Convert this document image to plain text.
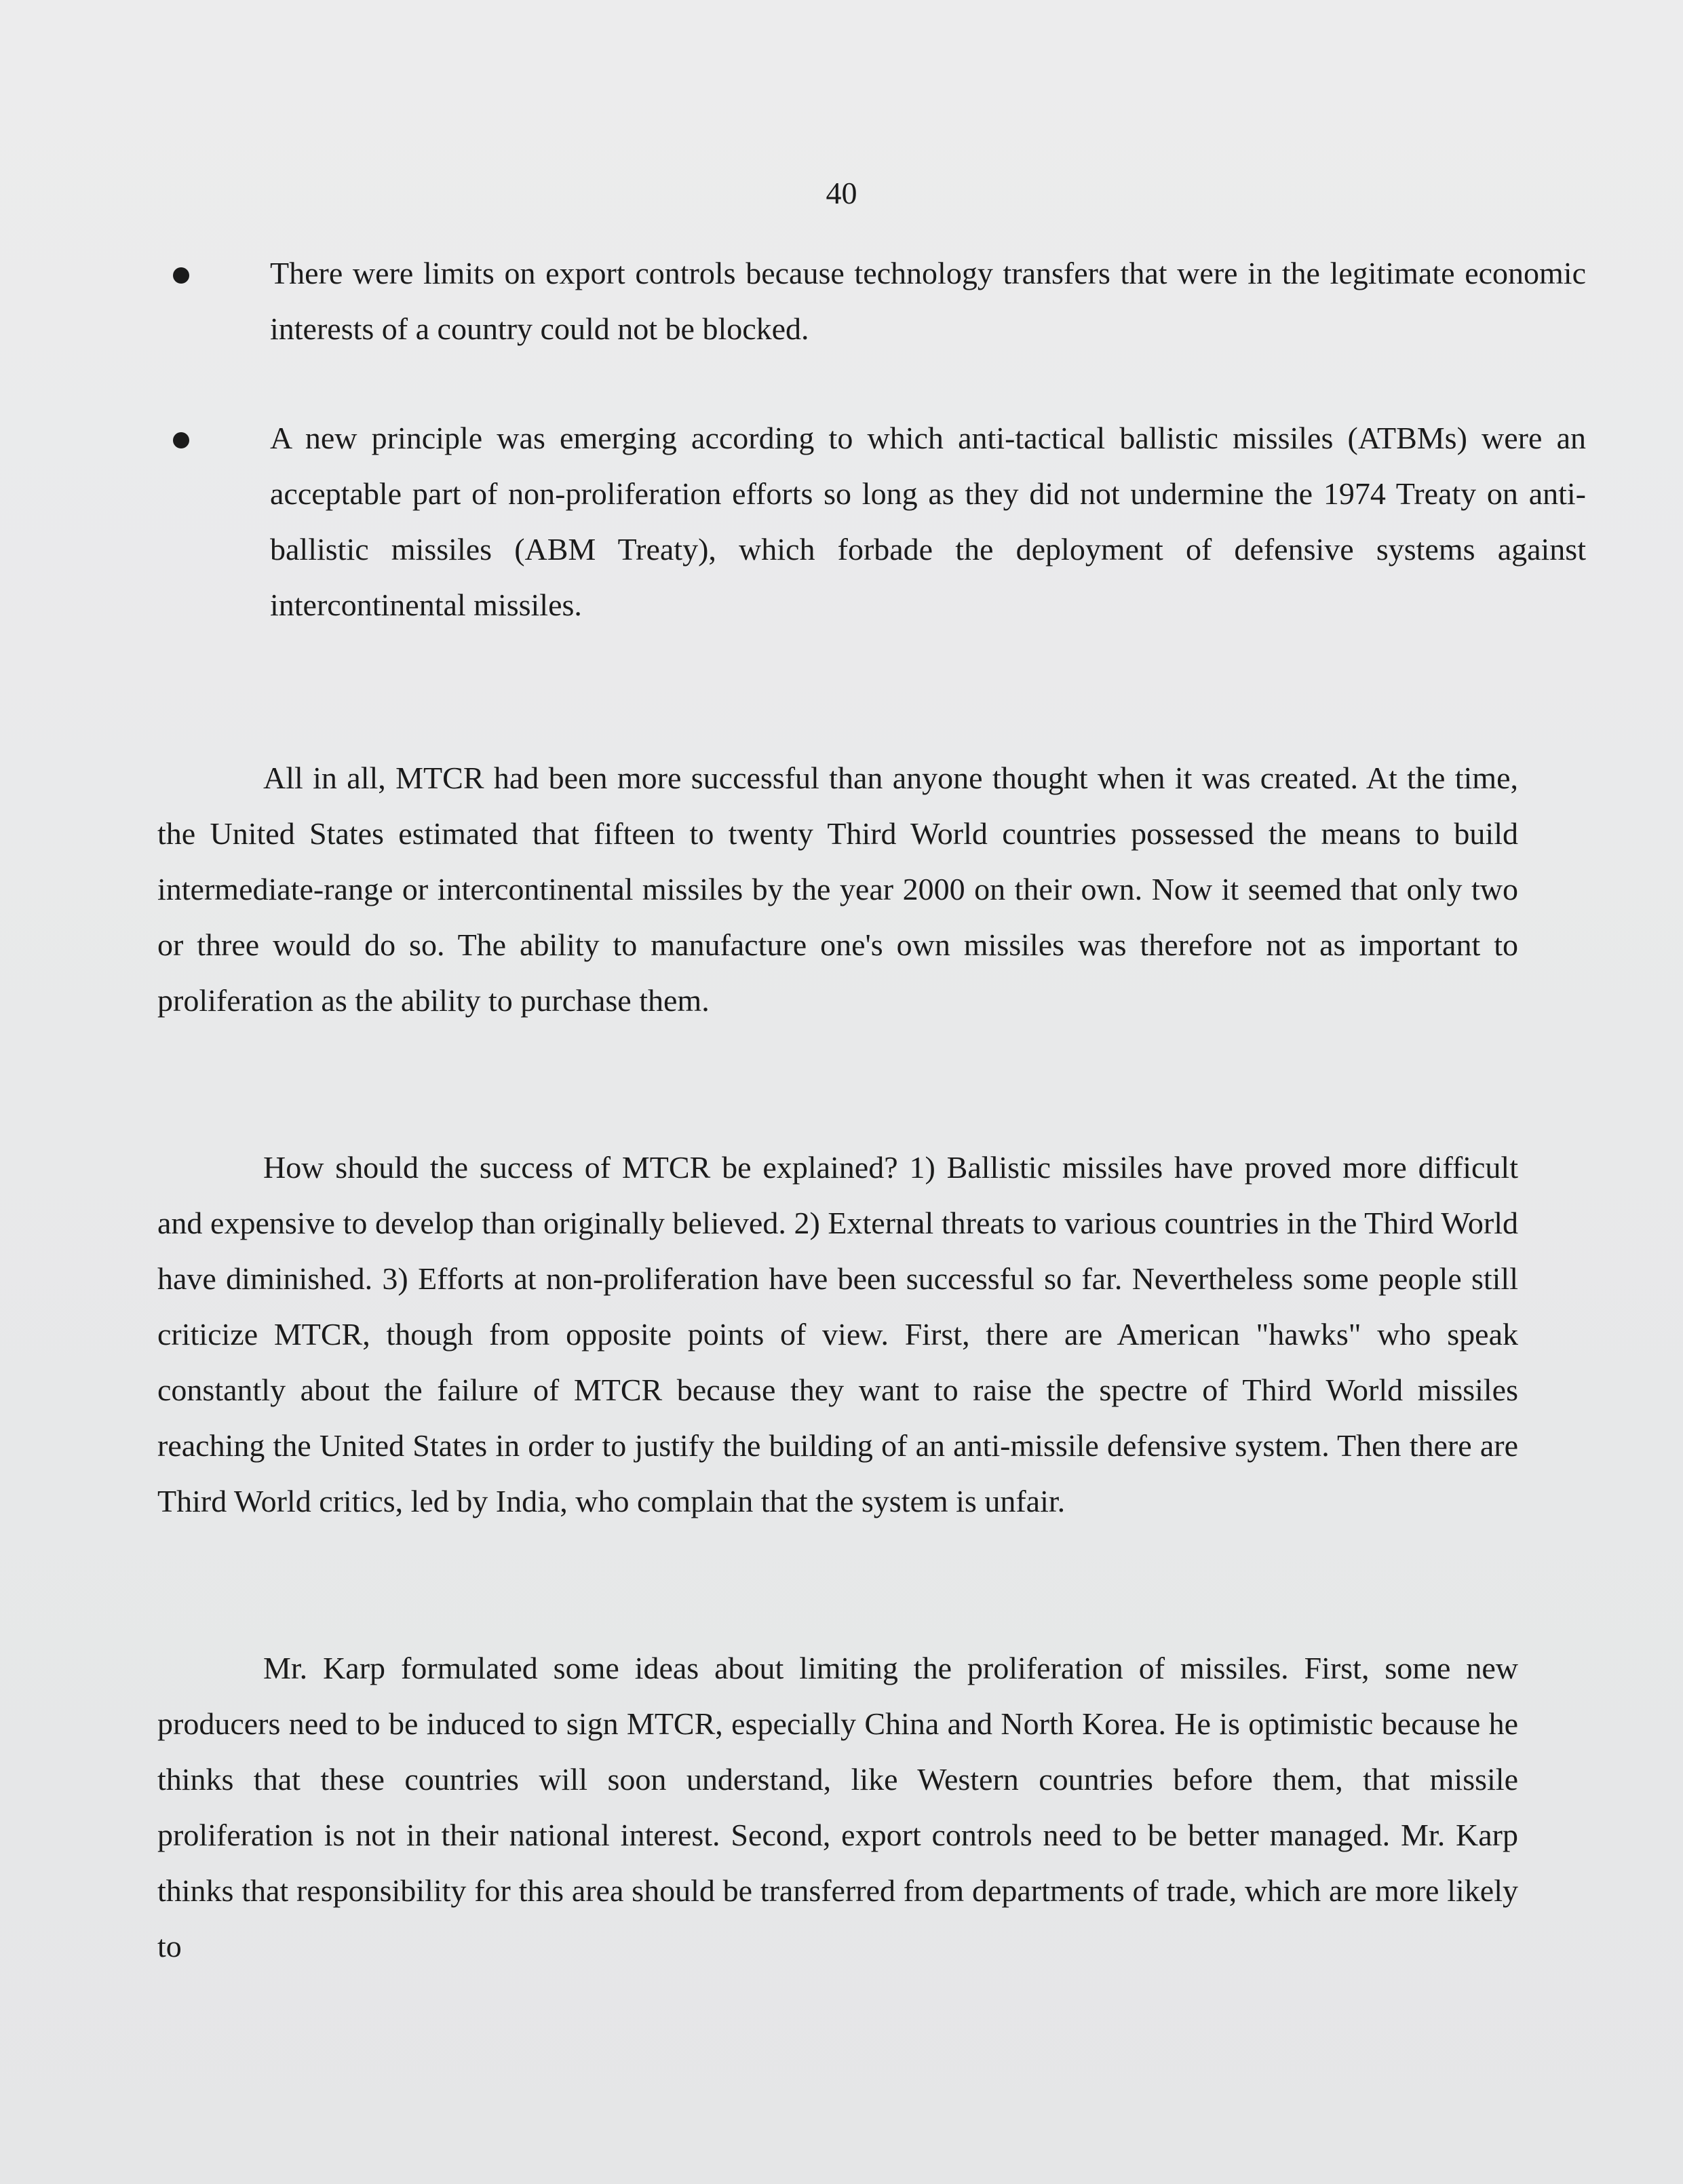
40

There were limits on export controls because technology transfers that were in the legitimate economic interests of a country could not be blocked.

A new principle was emerging according to which anti-tactical ballistic missiles (ATBMs) were an acceptable part of non-proliferation efforts so long as they did not undermine the 1974 Treaty on anti-ballistic missiles (ABM Treaty), which forbade the deployment of defensive systems against intercontinental missiles.

All in all, MTCR had been more successful than anyone thought when it was created. At the time, the United States estimated that fifteen to twenty Third World countries possessed the means to build intermediate-range or intercontinental missiles by the year 2000 on their own. Now it seemed that only two or three would do so. The ability to manufacture one's own missiles was therefore not as important to proliferation as the ability to purchase them.

How should the success of MTCR be explained? 1) Ballistic missiles have proved more difficult and expensive to develop than originally believed. 2) External threats to various countries in the Third World have diminished. 3) Efforts at non-proliferation have been successful so far. Nevertheless some people still criticize MTCR, though from opposite points of view. First, there are American "hawks" who speak constantly about the failure of MTCR because they want to raise the spectre of Third World missiles reaching the United States in order to justify the building of an anti-missile defensive system. Then there are Third World critics, led by India, who complain that the system is unfair.

Mr. Karp formulated some ideas about limiting the proliferation of missiles. First, some new producers need to be induced to sign MTCR, especially China and North Korea. He is optimistic because he thinks that these countries will soon understand, like Western countries before them, that missile proliferation is not in their national interest. Second, export controls need to be better managed. Mr. Karp thinks that responsibility for this area should be transferred from departments of trade, which are more likely to
